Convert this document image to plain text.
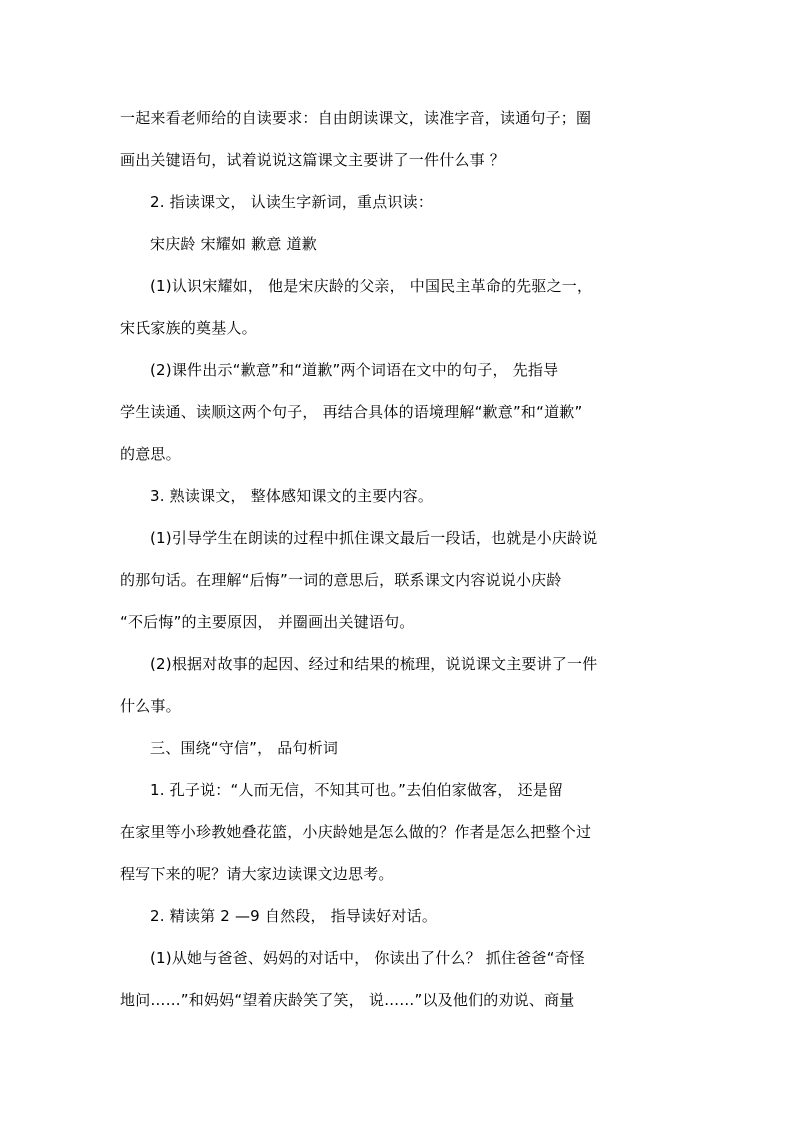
一起来看老师给的自读要求：自由朗读课文，读准字音，读通句子；圈
画出关键语句，试着说说这篇课文主要讲了一件什么事 ？
2. 指读课文， 认读生字新词，重点识读：
宋庆龄 宋耀如 歉意 道歉
(1)认识宋耀如， 他是宋庆龄的父亲， 中国民主革命的先驱之一，
宋氏家族的奠基人。
(2)课件出示“歉意”和“道歉”两个词语在文中的句子， 先指导
学生读通、读顺这两个句子， 再结合具体的语境理解“歉意”和“道歉”
的意思。
3. 熟读课文， 整体感知课文的主要内容。
(1)引导学生在朗读的过程中抓住课文最后一段话，也就是小庆龄说
的那句话。在理解“后悔”一词的意思后，联系课文内容说说小庆龄
“不后悔”的主要原因， 并圈画出关键语句。
(2)根据对故事的起因、经过和结果的梳理，说说课文主要讲了一件
什么事。
三、围绕“守信”， 品句析词
1. 孔子说：“人而无信，不知其可也。”去伯伯家做客， 还是留
在家里等小珍教她叠花篮，小庆龄她是怎么做的？作者是怎么把整个过
程写下来的呢？请大家边读课文边思考。
2. 精读第 2 —9 自然段， 指导读好对话。
(1)从她与爸爸、妈妈的对话中， 你读出了什么？ 抓住爸爸“奇怪
地问……”和妈妈“望着庆龄笑了笑， 说……”以及他们的劝说、商量
